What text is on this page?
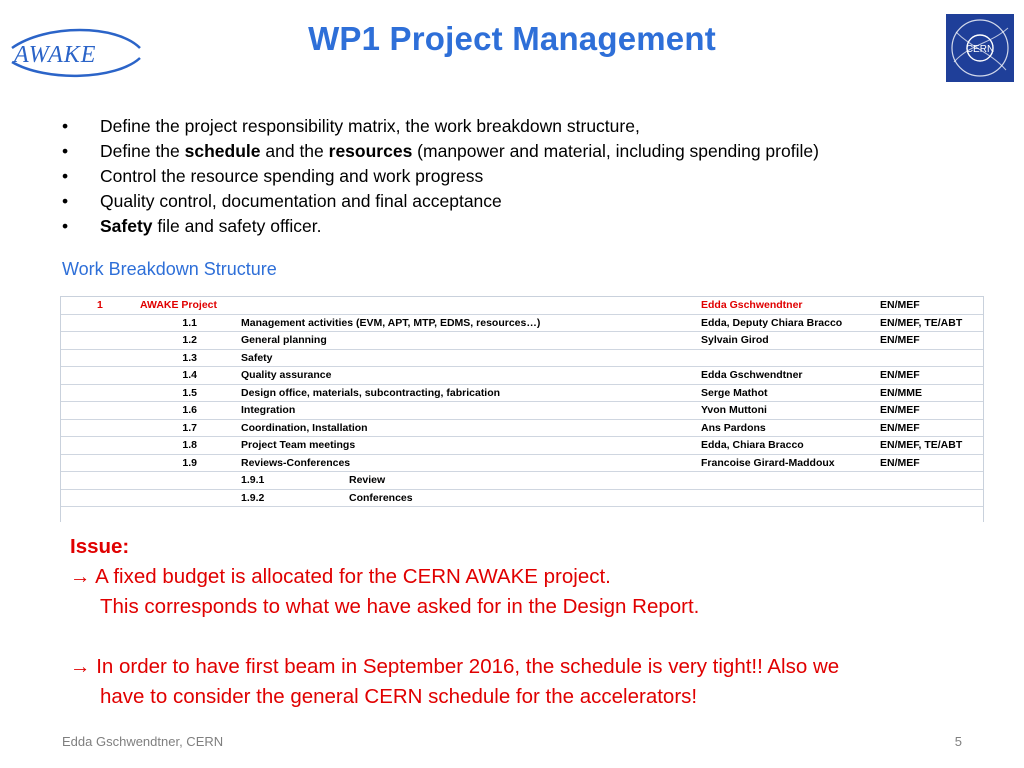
AWAKE	WP1 Project Management	CERN
• Define the project responsibility matrix, the work breakdown structure,
• Define the schedule and the resources (manpower and material, including spending profile)
• Control the resource spending and work progress
• Quality control, documentation and final acceptance
• Safety file and safety officer.
Work Breakdown Structure
1	AWAKE Project	Edda Gschwendtner	EN/MEF
1.1	Management activities (EVM, APT, MTP, EDMS, resources…)	Edda, Deputy Chiara Bracco	EN/MEF, TE/ABT
1.2	General planning	Sylvain Girod	EN/MEF
1.3	Safety
1.4	Quality assurance	Edda Gschwendtner	EN/MEF
1.5	Design office, materials, subcontracting, fabrication	Serge Mathot	EN/MME
1.6	Integration	Yvon Muttoni	EN/MEF
1.7	Coordination, Installation	Ans Pardons	EN/MEF
1.8	Project Team meetings	Edda, Chiara Bracco	EN/MEF, TE/ABT
1.9	Reviews-Conferences	Francoise Girard-Maddoux	EN/MEF
1.9.1	Review
1.9.2	Conferences
Issue:
→ A fixed budget is allocated for the CERN AWAKE project.
This corresponds to what we have asked for in the Design Report.
→ In order to have first beam in September 2016, the schedule is very tight!! Also we
have to consider the general CERN schedule for the accelerators!
Edda Gschwendtner, CERN	5
